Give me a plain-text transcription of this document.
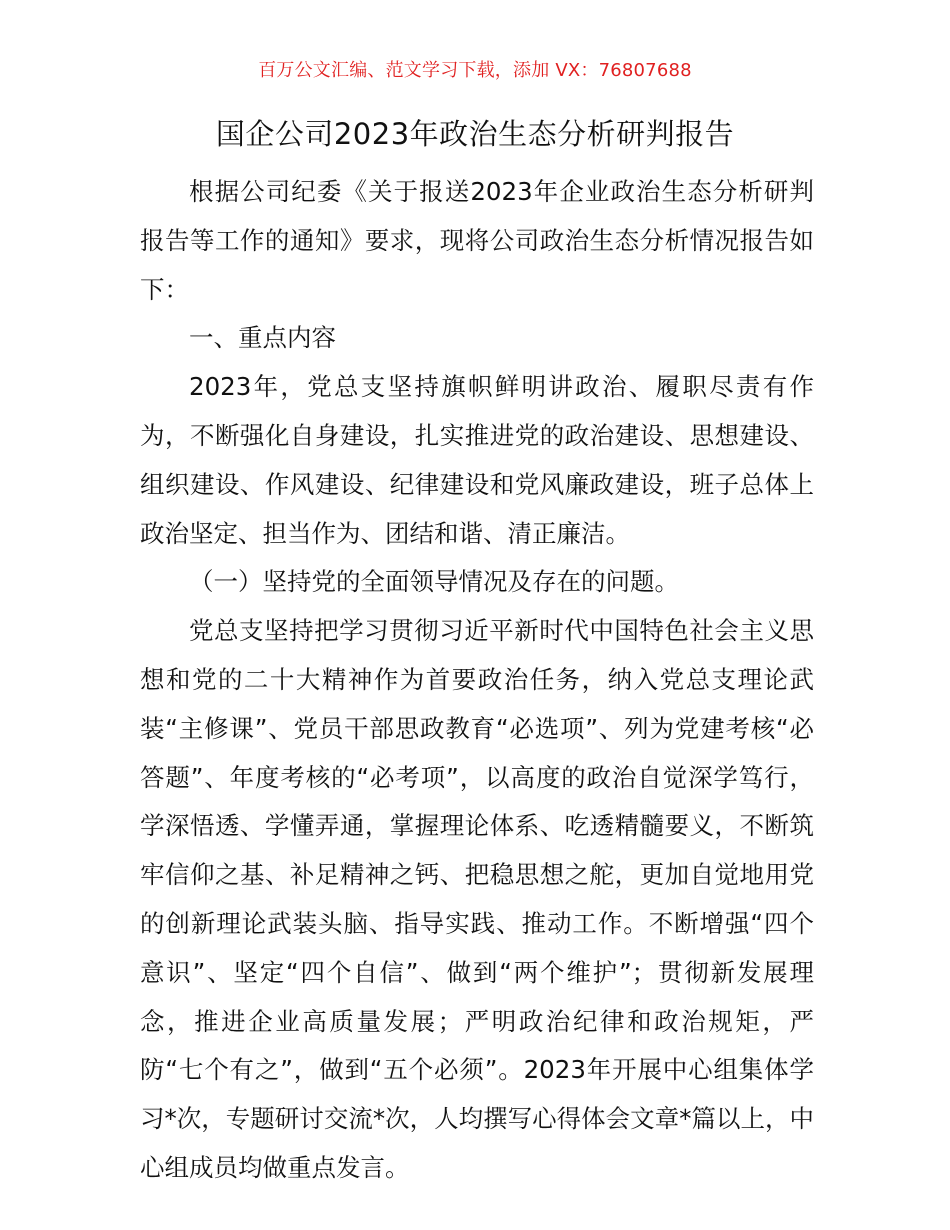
百万公文汇编、范文学习下载，添加 VX：76807688
国企公司2023年政治生态分析研判报告

根据公司纪委《关于报送2023年企业政治生态分析研判报告等工作的通知》要求，现将公司政治生态分析情况报告如下：

一、重点内容

2023年，党总支坚持旗帜鲜明讲政治、履职尽责有作为，不断强化自身建设，扎实推进党的政治建设、思想建设、组织建设、作风建设、纪律建设和党风廉政建设，班子总体上政治坚定、担当作为、团结和谐、清正廉洁。

（一）坚持党的全面领导情况及存在的问题。

党总支坚持把学习贯彻习近平新时代中国特色社会主义思想和党的二十大精神作为首要政治任务，纳入党总支理论武装“主修课”、党员干部思政教育“必选项”、列为党建考核“必答题”、年度考核的“必考项”，以高度的政治自觉深学笃行，学深悟透、学懂弄通，掌握理论体系、吃透精髓要义，不断筑牢信仰之基、补足精神之钙、把稳思想之舵，更加自觉地用党的创新理论武装头脑、指导实践、推动工作。不断增强“四个意识”、坚定“四个自信”、做到“两个维护”；贯彻新发展理念，推进企业高质量发展；严明政治纪律和政治规矩，严防“七个有之”，做到“五个必须”。2023年开展中心组集体学习*次，专题研讨交流*次，人均撰写心得体会文章*篇以上，中心组成员均做重点发言。
